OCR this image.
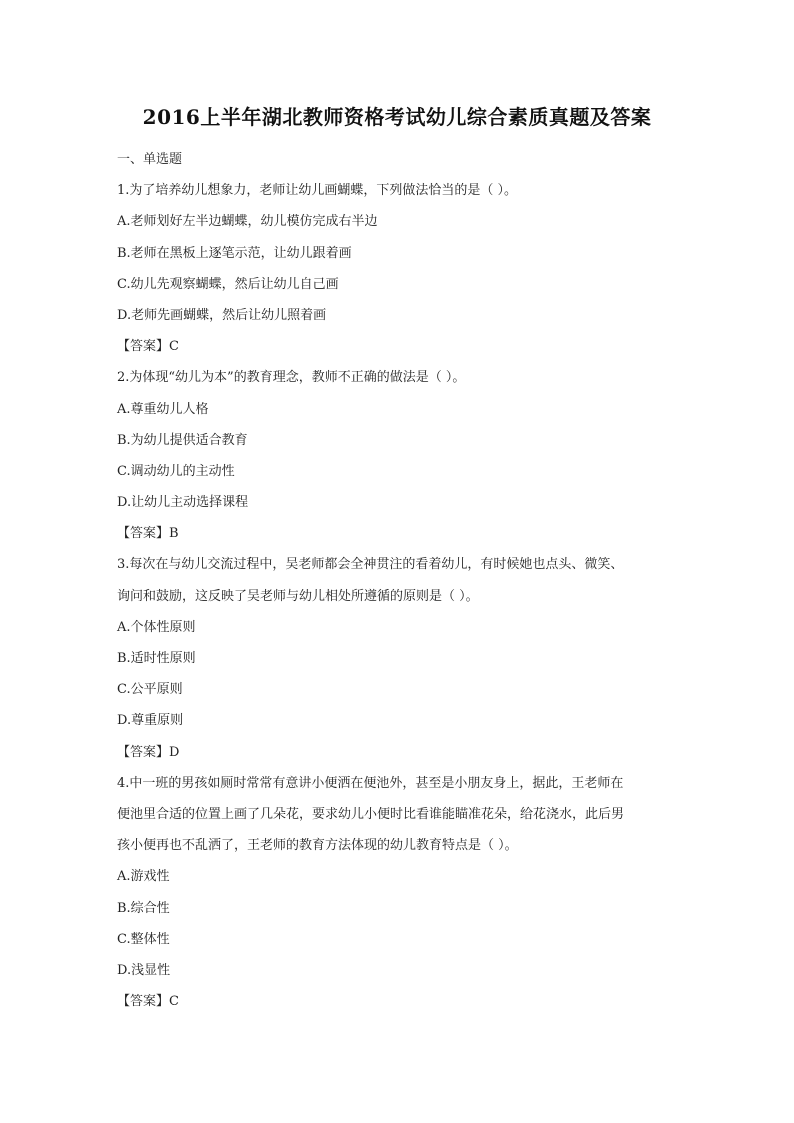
2016上半年湖北教师资格考试幼儿综合素质真题及答案
一、单选题
1.为了培养幼儿想象力，老师让幼儿画蝴蝶，下列做法恰当的是（ ）。
A.老师划好左半边蝴蝶，幼儿模仿完成右半边
B.老师在黑板上逐笔示范，让幼儿跟着画
C.幼儿先观察蝴蝶，然后让幼儿自己画
D.老师先画蝴蝶，然后让幼儿照着画
【答案】C
2.为体现“幼儿为本”的教育理念，教师不正确的做法是（ ）。
A.尊重幼儿人格
B.为幼儿提供适合教育
C.调动幼儿的主动性
D.让幼儿主动选择课程
【答案】B
3.每次在与幼儿交流过程中，吴老师都会全神贯注的看着幼儿，有时候她也点头、微笑、
询问和鼓励，这反映了吴老师与幼儿相处所遵循的原则是（ ）。
A.个体性原则
B.适时性原则
C.公平原则
D.尊重原则
【答案】D
4.中一班的男孩如厕时常常有意讲小便洒在便池外，甚至是小朋友身上，据此，王老师在
便池里合适的位置上画了几朵花，要求幼儿小便时比看谁能瞄准花朵，给花浇水，此后男
孩小便再也不乱洒了，王老师的教育方法体现的幼儿教育特点是（ ）。
A.游戏性
B.综合性
C.整体性
D.浅显性
【答案】C
